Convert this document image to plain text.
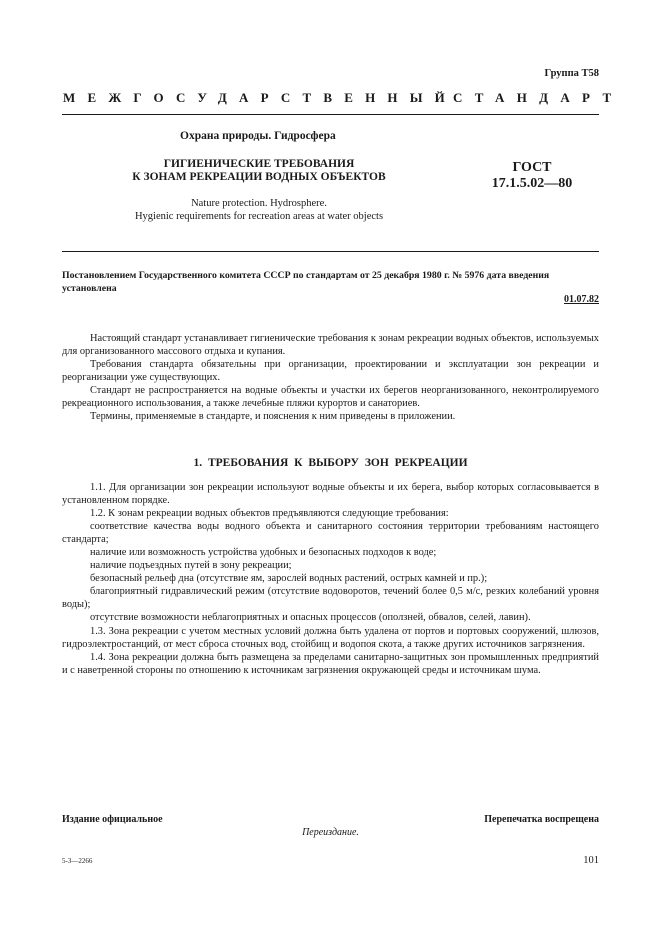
Группа Т58
МЕЖГОСУДАРСТВЕННЫЙ
СТАНДАРТ
Охрана природы. Гидросфера
ГИГИЕНИЧЕСКИЕ ТРЕБОВАНИЯ
К ЗОНАМ РЕКРЕАЦИИ ВОДНЫХ ОБЪЕКТОВ
ГОСТ
17.1.5.02—80
Nature protection. Hydrosphere.
Hygienic requirements for recreation areas at water objects
Постановлением Государственного комитета СССР по стандартам от 25 декабря 1980 г. № 5976 дата введения установлена
01.07.82

Настоящий стандарт устанавливает гигиенические требования к зонам рекреации водных объектов, используемых для организованного массового отдыха и купания.

Требования стандарта обязательны при организации, проектировании и эксплуатации зон рекреации и реорганизации уже существующих.

Стандарт не распространяется на водные объекты и участки их берегов неорганизованного, неконтролируемого рекреационного использования, а также лечебные пляжи курортов и санаториев.

Термины, применяемые в стандарте, и пояснения к ним приведены в приложении.

1. ТРЕБОВАНИЯ К ВЫБОРУ ЗОН РЕКРЕАЦИИ

1.1. Для организации зон рекреации используют водные объекты и их берега, выбор которых согласовывается в установленном порядке.

1.2. К зонам рекреации водных объектов предъявляются следующие требования:

соответствие качества воды водного объекта и санитарного состояния территории требованиям настоящего стандарта;

наличие или возможность устройства удобных и безопасных подходов к воде;

наличие подъездных путей в зону рекреации;

безопасный рельеф дна (отсутствие ям, зарослей водных растений, острых камней и пр.);

благоприятный гидравлический режим (отсутствие водоворотов, течений более 0,5 м/с, резких колебаний уровня воды);

отсутствие возможности неблагоприятных и опасных процессов (оползней, обвалов, селей, лавин).

1.3. Зона рекреации с учетом местных условий должна быть удалена от портов и портовых сооружений, шлюзов, гидроэлектростанций, от мест сброса сточных вод, стойбищ и водопоя скота, а также других источников загрязнения.

1.4. Зона рекреации должна быть размещена за пределами санитарно-защитных зон промышленных предприятий и с наветренной стороны по отношению к источникам загрязнения окружающей среды и источникам шума.

Издание официальное	Перепечатка воспрещена
Переиздание.
5-3—2266	101
